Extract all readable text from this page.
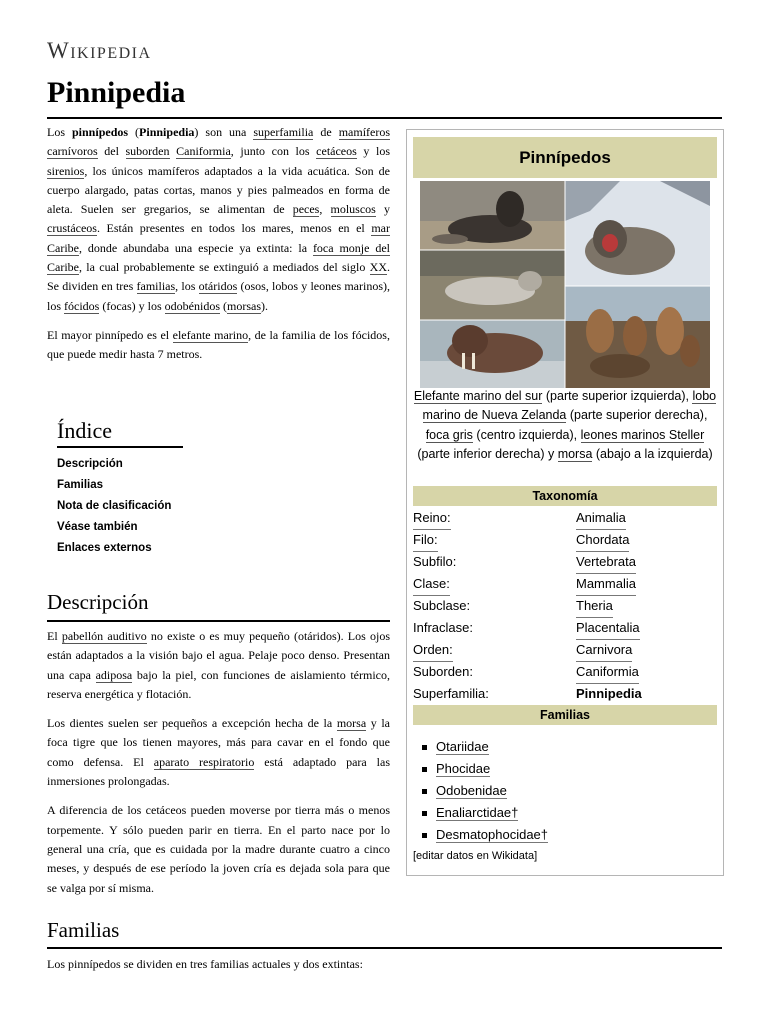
Wikipedia
Pinnipedia

Los pinnípedos (Pinnipedia) son una superfamilia de mamíferos carnívoros del suborden Caniformia, junto con los cetáceos y los sirenios, los únicos mamíferos adaptados a la vida acuática. Son de cuerpo alargado, patas cortas, manos y pies palmeados en forma de aleta. Suelen ser gregarios, se alimentan de peces, moluscos y crustáceos. Están presentes en todos los mares, menos en el mar Caribe, donde abundaba una especie ya extinta: la foca monje del Caribe, la cual probablemente se extinguió a mediados del siglo XX. Se dividen en tres familias, los otáridos (osos, lobos y leones marinos), los fócidos (focas) y los odobénidos (morsas).

El mayor pinnípedo es el elefante marino, de la familia de los fócidos, que puede medir hasta 7 metros.

Índice
Descripción
Familias
Nota de clasificación
Véase también
Enlaces externos
Descripción

El pabellón auditivo no existe o es muy pequeño (otáridos). Los ojos están adaptados a la visión bajo el agua. Pelaje poco denso. Presentan una capa adiposa bajo la piel, con funciones de aislamiento térmico, reserva energética y flotación.

Los dientes suelen ser pequeños a excepción hecha de la morsa y la foca tigre que los tienen mayores, más para cavar en el fondo que como defensa. El aparato respiratorio está adaptado para las inmersiones prolongadas.

A diferencia de los cetáceos pueden moverse por tierra más o menos torpemente. Y sólo pueden parir en tierra. En el parto nace por lo general una cría, que es cuidada por la madre durante cuatro a cinco meses, y después de ese período la joven cría es dejada sola para que se valga por sí misma.

Familias
Los pinnípedos se dividen en tres familias actuales y dos extintas:
Pinnípedos
Elefante marino del sur (parte superior izquierda), lobo marino de Nueva Zelanda (parte superior derecha), foca gris (centro izquierda), leones marinos Steller (parte inferior derecha) y morsa (abajo a la izquierda)
Taxonomía
Reino:	Animalia
Filo:	Chordata
Subfilo:	Vertebrata
Clase:	Mammalia
Subclase:	Theria
Infraclase:	Placentalia
Orden:	Carnivora
Suborden:	Caniformia
Superfamilia:	Pinnipedia
Familias
Otariidae
Phocidae
Odobenidae
Enaliarctidae†
Desmatophocidae†
[editar datos en Wikidata]
